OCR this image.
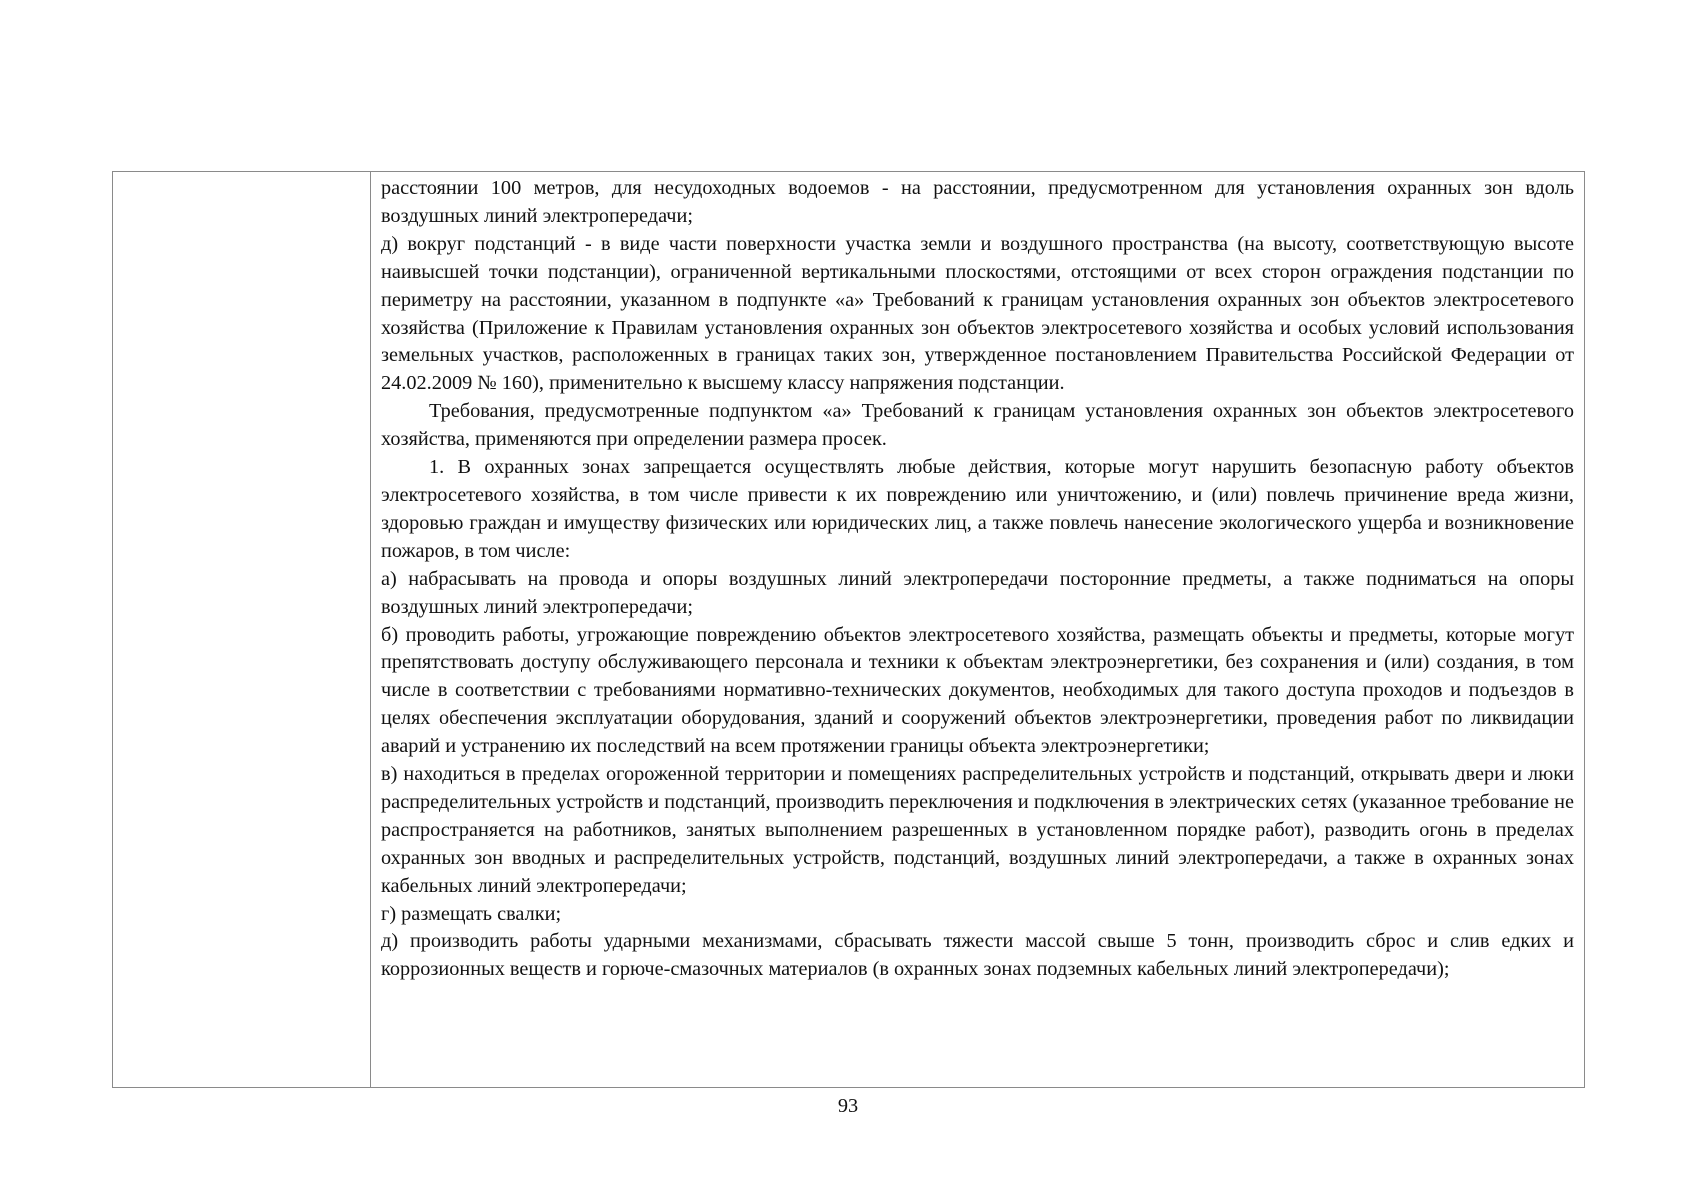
расстоянии 100 метров, для несудоходных водоемов - на расстоянии, предусмотренном для установления охранных зон вдоль воздушных линий электропередачи;

д) вокруг подстанций - в виде части поверхности участка земли и воздушного пространства (на высоту, соответствующую высоте наивысшей точки подстанции), ограниченной вертикальными плоскостями, отстоящими от всех сторон ограждения подстанции по периметру на расстоянии, указанном в подпункте «а» Требований к границам установления охранных зон объектов электросетевого хозяйства (Приложение к Правилам установления охранных зон объектов электросетевого хозяйства и особых условий использования земельных участков, расположенных в границах таких зон, утвержденное постановлением Правительства Российской Федерации от 24.02.2009 № 160), применительно к высшему классу напряжения подстанции.

Требования, предусмотренные подпунктом «а» Требований к границам установления охранных зон объектов электросетевого хозяйства, применяются при определении размера просек.

1. В охранных зонах запрещается осуществлять любые действия, которые могут нарушить безопасную работу объектов электросетевого хозяйства, в том числе привести к их повреждению или уничтожению, и (или) повлечь причинение вреда жизни, здоровью граждан и имуществу физических или юридических лиц, а также повлечь нанесение экологического ущерба и возникновение пожаров, в том числе:

а) набрасывать на провода и опоры воздушных линий электропередачи посторонние предметы, а также подниматься на опоры воздушных линий электропередачи;

б) проводить работы, угрожающие повреждению объектов электросетевого хозяйства, размещать объекты и предметы, которые могут препятствовать доступу обслуживающего персонала и техники к объектам электроэнергетики, без сохранения и (или) создания, в том числе в соответствии с требованиями нормативно-технических документов, необходимых для такого доступа проходов и подъездов в целях обеспечения эксплуатации оборудования, зданий и сооружений объектов электроэнергетики, проведения работ по ликвидации аварий и устранению их последствий на всем протяжении границы объекта электроэнергетики;

в) находиться в пределах огороженной территории и помещениях распределительных устройств и подстанций, открывать двери и люки распределительных устройств и подстанций, производить переключения и подключения в электрических сетях (указанное требование не распространяется на работников, занятых выполнением разрешенных в установленном порядке работ), разводить огонь в пределах охранных зон вводных и распределительных устройств, подстанций, воздушных линий электропередачи, а также в охранных зонах кабельных линий электропередачи;

г) размещать свалки;

д) производить работы ударными механизмами, сбрасывать тяжести массой свыше 5 тонн, производить сброс и слив едких и коррозионных веществ и горюче-смазочных материалов (в охранных зонах подземных кабельных линий электропередачи);

93
